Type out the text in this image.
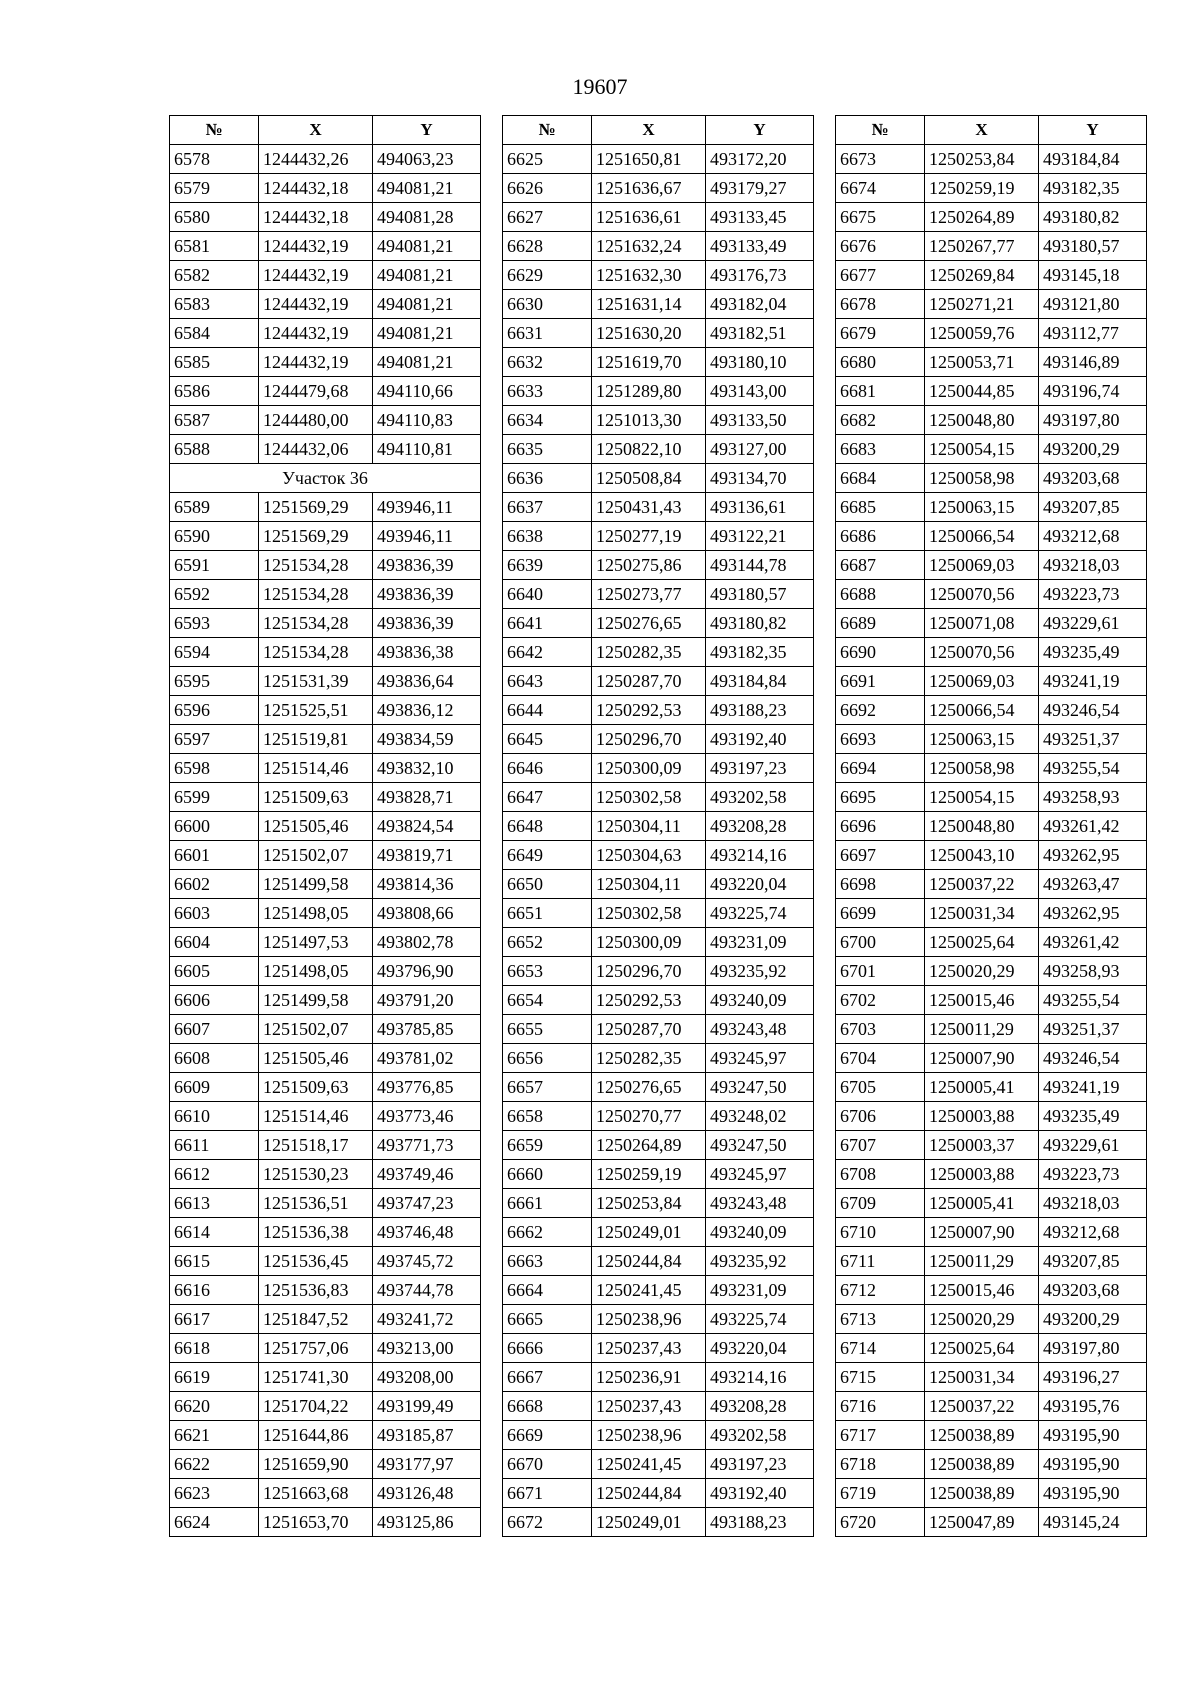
19607
№	X	Y
6578	1244432,26	494063,23
6579	1244432,18	494081,21
6580	1244432,18	494081,28
6581	1244432,19	494081,21
6582	1244432,19	494081,21
6583	1244432,19	494081,21
6584	1244432,19	494081,21
6585	1244432,19	494081,21
6586	1244479,68	494110,66
6587	1244480,00	494110,83
6588	1244432,06	494110,81
Участок 36		
6589	1251569,29	493946,11
6590	1251569,29	493946,11
6591	1251534,28	493836,39
6592	1251534,28	493836,39
6593	1251534,28	493836,39
6594	1251534,28	493836,38
6595	1251531,39	493836,64
6596	1251525,51	493836,12
6597	1251519,81	493834,59
6598	1251514,46	493832,10
6599	1251509,63	493828,71
6600	1251505,46	493824,54
6601	1251502,07	493819,71
6602	1251499,58	493814,36
6603	1251498,05	493808,66
6604	1251497,53	493802,78
6605	1251498,05	493796,90
6606	1251499,58	493791,20
6607	1251502,07	493785,85
6608	1251505,46	493781,02
6609	1251509,63	493776,85
6610	1251514,46	493773,46
6611	1251518,17	493771,73
6612	1251530,23	493749,46
6613	1251536,51	493747,23
6614	1251536,38	493746,48
6615	1251536,45	493745,72
6616	1251536,83	493744,78
6617	1251847,52	493241,72
6618	1251757,06	493213,00
6619	1251741,30	493208,00
6620	1251704,22	493199,49
6621	1251644,86	493185,87
6622	1251659,90	493177,97
6623	1251663,68	493126,48
6624	1251653,70	493125,86
№	X	Y
6625	1251650,81	493172,20
6626	1251636,67	493179,27
6627	1251636,61	493133,45
6628	1251632,24	493133,49
6629	1251632,30	493176,73
6630	1251631,14	493182,04
6631	1251630,20	493182,51
6632	1251619,70	493180,10
6633	1251289,80	493143,00
6634	1251013,30	493133,50
6635	1250822,10	493127,00
6636	1250508,84	493134,70
6637	1250431,43	493136,61
6638	1250277,19	493122,21
6639	1250275,86	493144,78
6640	1250273,77	493180,57
6641	1250276,65	493180,82
6642	1250282,35	493182,35
6643	1250287,70	493184,84
6644	1250292,53	493188,23
6645	1250296,70	493192,40
6646	1250300,09	493197,23
6647	1250302,58	493202,58
6648	1250304,11	493208,28
6649	1250304,63	493214,16
6650	1250304,11	493220,04
6651	1250302,58	493225,74
6652	1250300,09	493231,09
6653	1250296,70	493235,92
6654	1250292,53	493240,09
6655	1250287,70	493243,48
6656	1250282,35	493245,97
6657	1250276,65	493247,50
6658	1250270,77	493248,02
6659	1250264,89	493247,50
6660	1250259,19	493245,97
6661	1250253,84	493243,48
6662	1250249,01	493240,09
6663	1250244,84	493235,92
6664	1250241,45	493231,09
6665	1250238,96	493225,74
6666	1250237,43	493220,04
6667	1250236,91	493214,16
6668	1250237,43	493208,28
6669	1250238,96	493202,58
6670	1250241,45	493197,23
6671	1250244,84	493192,40
6672	1250249,01	493188,23
№	X	Y
6673	1250253,84	493184,84
6674	1250259,19	493182,35
6675	1250264,89	493180,82
6676	1250267,77	493180,57
6677	1250269,84	493145,18
6678	1250271,21	493121,80
6679	1250059,76	493112,77
6680	1250053,71	493146,89
6681	1250044,85	493196,74
6682	1250048,80	493197,80
6683	1250054,15	493200,29
6684	1250058,98	493203,68
6685	1250063,15	493207,85
6686	1250066,54	493212,68
6687	1250069,03	493218,03
6688	1250070,56	493223,73
6689	1250071,08	493229,61
6690	1250070,56	493235,49
6691	1250069,03	493241,19
6692	1250066,54	493246,54
6693	1250063,15	493251,37
6694	1250058,98	493255,54
6695	1250054,15	493258,93
6696	1250048,80	493261,42
6697	1250043,10	493262,95
6698	1250037,22	493263,47
6699	1250031,34	493262,95
6700	1250025,64	493261,42
6701	1250020,29	493258,93
6702	1250015,46	493255,54
6703	1250011,29	493251,37
6704	1250007,90	493246,54
6705	1250005,41	493241,19
6706	1250003,88	493235,49
6707	1250003,37	493229,61
6708	1250003,88	493223,73
6709	1250005,41	493218,03
6710	1250007,90	493212,68
6711	1250011,29	493207,85
6712	1250015,46	493203,68
6713	1250020,29	493200,29
6714	1250025,64	493197,80
6715	1250031,34	493196,27
6716	1250037,22	493195,76
6717	1250038,89	493195,90
6718	1250038,89	493195,90
6719	1250038,89	493195,90
6720	1250047,89	493145,24
